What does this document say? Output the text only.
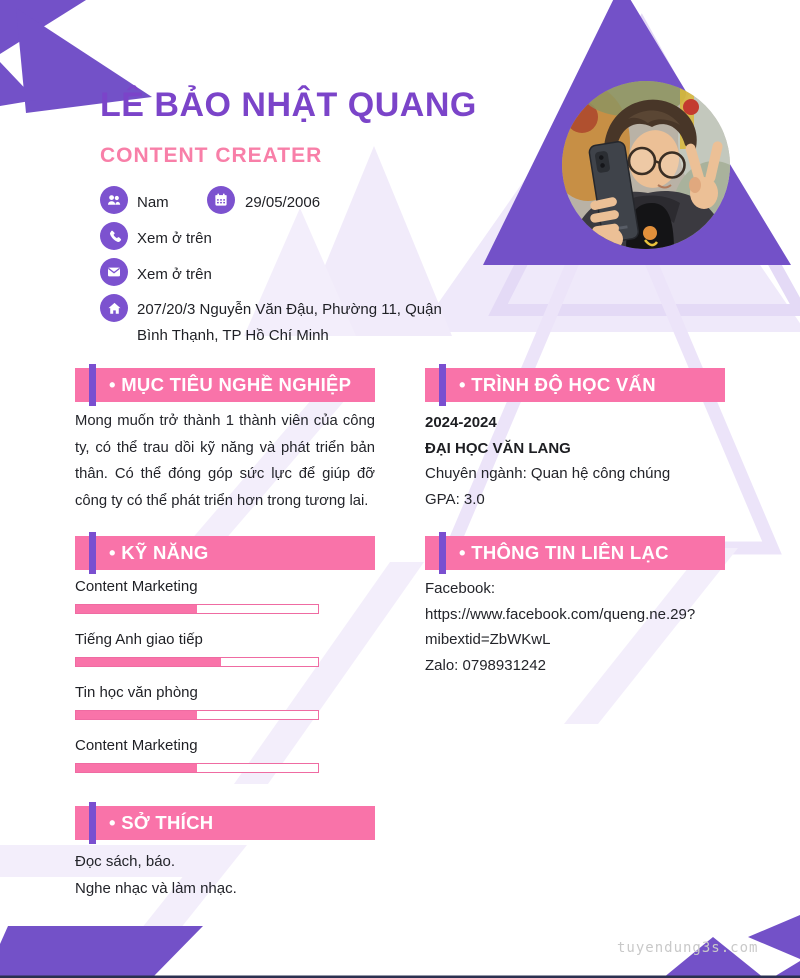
LÊ BẢO NHẬT QUANG
CONTENT CREATER
Nam	29/05/2006
Xem ở trên
Xem ở trên
207/20/3 Nguyễn Văn Đậu, Phường 11, Quận Bình Thạnh, TP Hồ Chí Minh
• MỤC TIÊU NGHỀ NGHIỆP
Mong muốn trở thành 1 thành viên của công ty, có thể trau dồi kỹ năng và phát triển bản thân. Có thể đóng góp sức lực để giúp đỡ công ty có thể phát triển hơn trong tương lai.
• TRÌNH ĐỘ HỌC VẤN
2024-2024
ĐẠI HỌC VĂN LANG
Chuyên ngành: Quan hệ công chúng
GPA: 3.0
• KỸ NĂNG
Content Marketing
Tiếng Anh giao tiếp
Tin học văn phòng
Content Marketing
• THÔNG TIN LIÊN LẠC
Facebook:
https://www.facebook.com/queng.ne.29?
mibextid=ZbWKwL
Zalo: 0798931242
• SỞ THÍCH
Đọc sách, báo.
Nghe nhạc và làm nhạc.
tuyendung3s.com
